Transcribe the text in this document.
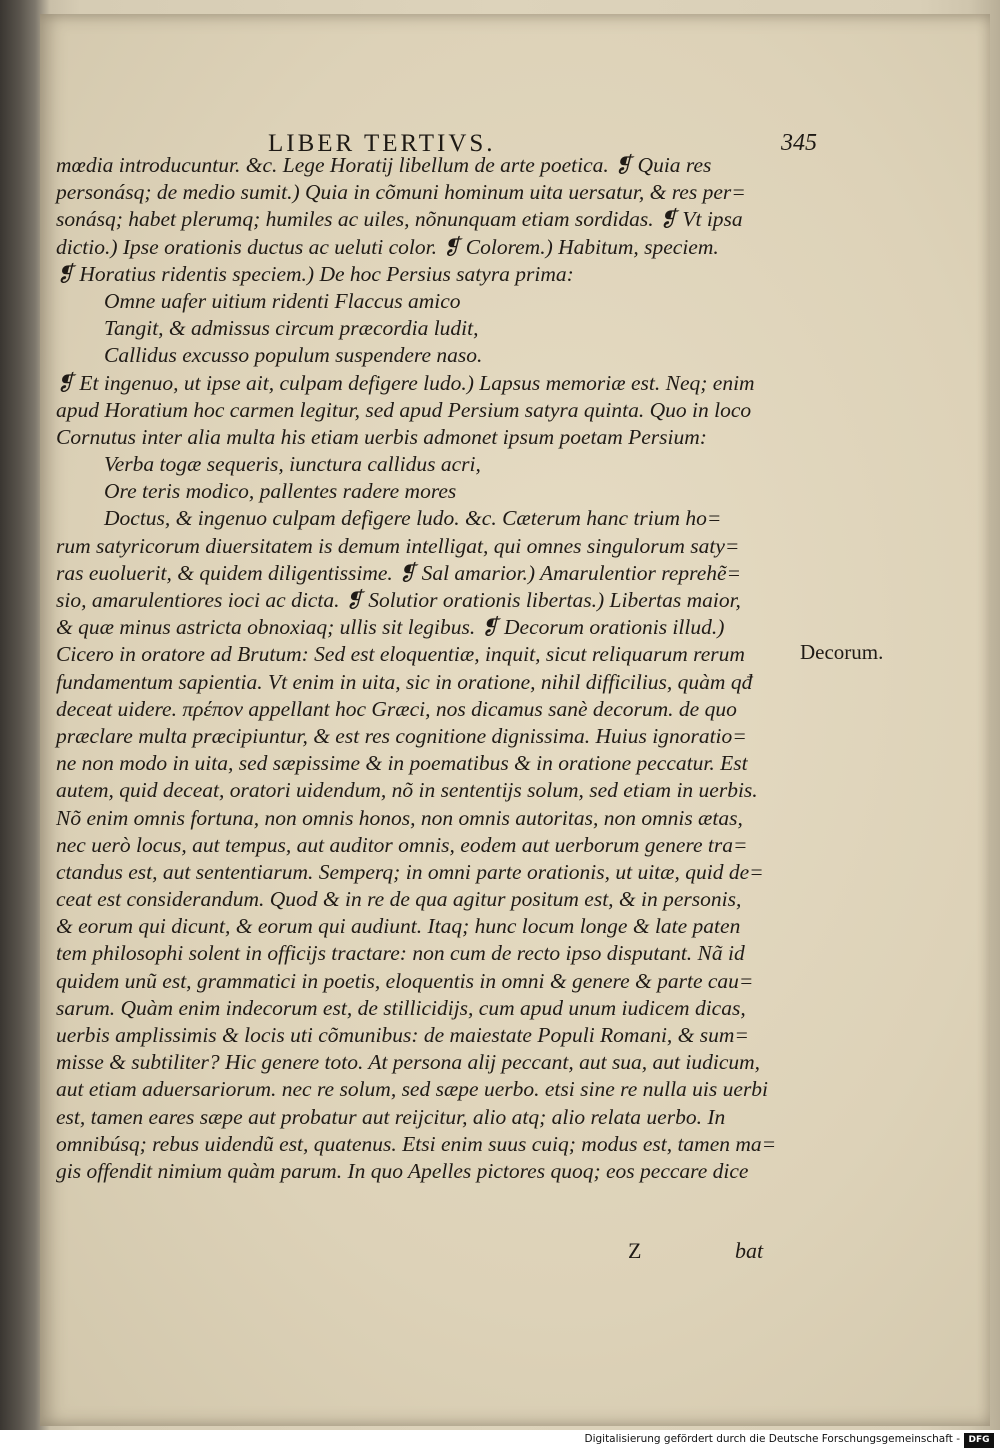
LIBER TERTIVS.	345
mœdia introducuntur. &c. Lege Horatij libellum de arte poetica. ❡ Quia res
personásq; de medio sumit.) Quia in cõmuni hominum uita uersatur, & res per=
sonásq; habet plerumq; humiles ac uiles, nõnunquam etiam sordidas. ❡ Vt ipsa
dictio.) Ipse orationis ductus ac ueluti color. ❡ Colorem.) Habitum, speciem.
❡ Horatius ridentis speciem.) De hoc Persius satyra prima:
Omne uafer uitium ridenti Flaccus amico
Tangit, & admissus circum præcordia ludit,
Callidus excusso populum suspendere naso.
❡ Et ingenuo, ut ipse ait, culpam defigere ludo.) Lapsus memoriæ est. Neq; enim
apud Horatium hoc carmen legitur, sed apud Persium satyra quinta. Quo in loco
Cornutus inter alia multa his etiam uerbis admonet ipsum poetam Persium:
Verba togæ sequeris, iunctura callidus acri,
Ore teris modico, pallentes radere mores
Doctus, & ingenuo culpam defigere ludo. &c. Cæterum hanc trium ho=
rum satyricorum diuersitatem is demum intelligat, qui omnes singulorum saty=
ras euoluerit, & quidem diligentissime. ❡ Sal amarior.) Amarulentior reprehẽ=
sio, amarulentiores ioci ac dicta. ❡ Solutior orationis libertas.) Libertas maior,
& quæ minus astricta obnoxiaq; ullis sit legibus. ❡ Decorum orationis illud.)
Cicero in oratore ad Brutum: Sed est eloquentiæ, inquit, sicut reliquarum rerum
fundamentum sapientia. Vt enim in uita, sic in oratione, nihil difficilius, quàm qđ
deceat uidere. πρέπον appellant hoc Græci, nos dicamus sanè decorum. de quo
præclare multa præcipiuntur, & est res cognitione dignissima. Huius ignoratio=
ne non modo in uita, sed sæpissime & in poematibus & in oratione peccatur. Est
autem, quid deceat, oratori uidendum, nõ in sententijs solum, sed etiam in uerbis.
Nõ enim omnis fortuna, non omnis honos, non omnis autoritas, non omnis ætas,
nec uerò locus, aut tempus, aut auditor omnis, eodem aut uerborum genere tra=
ctandus est, aut sententiarum. Semperq; in omni parte orationis, ut uitæ, quid de=
ceat est considerandum. Quod & in re de qua agitur positum est, & in personis,
& eorum qui dicunt, & eorum qui audiunt. Itaq; hunc locum longe & late paten
tem philosophi solent in officijs tractare: non cum de recto ipso disputant. Nã id
quidem unũ est, grammatici in poetis, eloquentis in omni & genere & parte cau=
sarum. Quàm enim indecorum est, de stillicidijs, cum apud unum iudicem dicas,
uerbis amplissimis & locis uti cõmunibus: de maiestate Populi Romani, & sum=
misse & subtiliter? Hic genere toto. At persona alij peccant, aut sua, aut iudicum,
aut etiam aduersariorum. nec re solum, sed sæpe uerbo. etsi sine re nulla uis uerbi
est, tamen eares sæpe aut probatur aut reijcitur, alio atq; alio relata uerbo. In
omnibúsq; rebus uidendũ est, quatenus. Etsi enim suus cuiq; modus est, tamen ma=
gis offendit nimium quàm parum. In quo Apelles pictores quoq; eos peccare dice
Decorum.
Z	bat
Digitalisierung gefördert durch die Deutsche Forschungsgemeinschaft - DFG
